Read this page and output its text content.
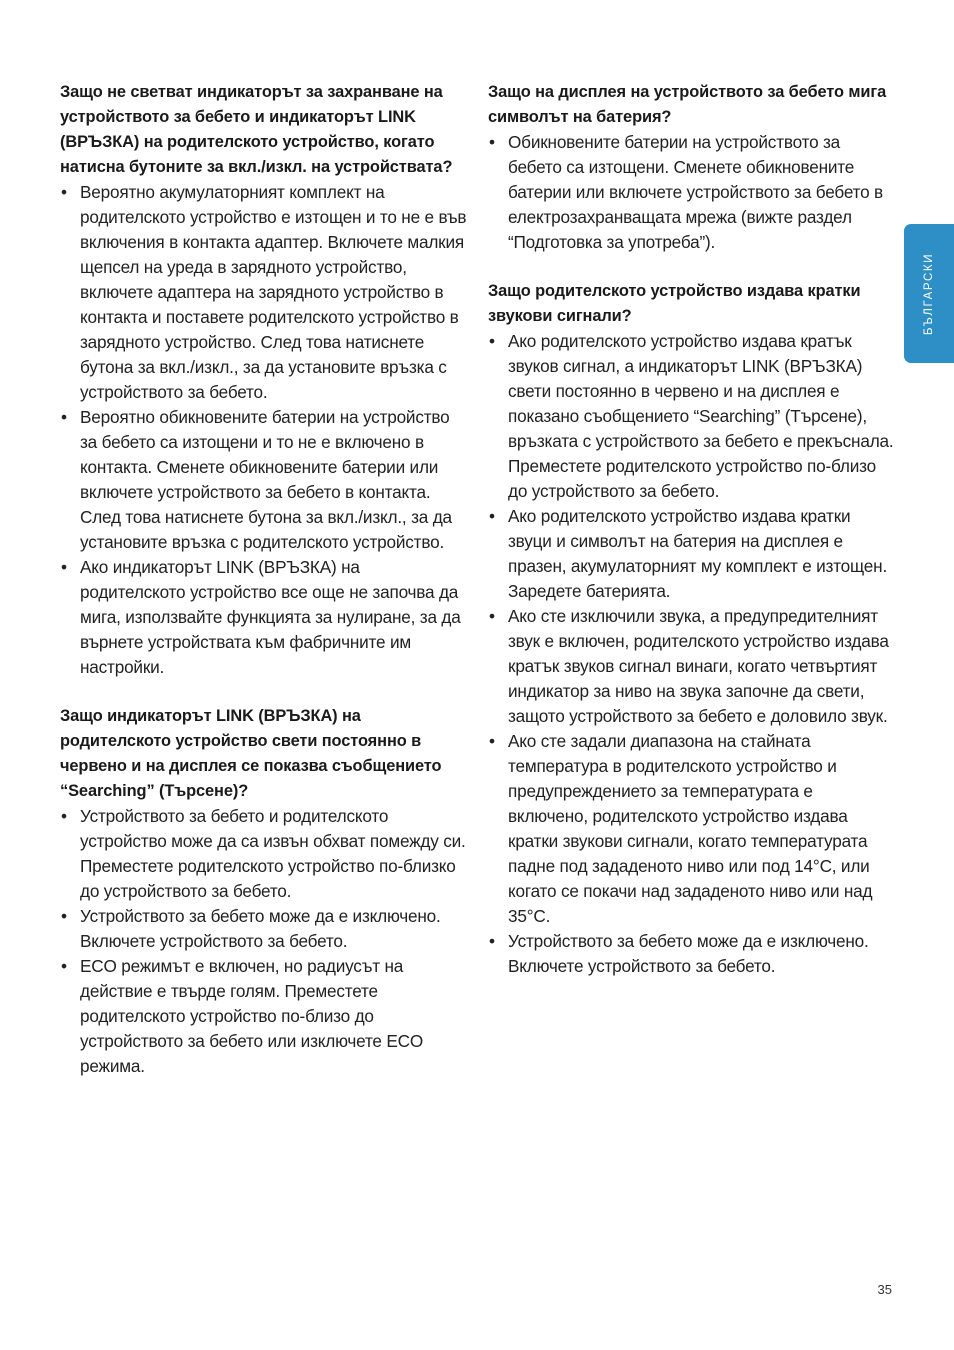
Защо не светват индикаторът за захранване на устройството за бебето и индикаторът LINK (ВРЪЗКА) на родителското устройство, когато натисна бутоните за вкл./изкл. на устройствата?

• Вероятно акумулаторният комплект на родителското устройство е изтощен и то не е във включения в контакта адаптер. Включете малкия щепсел на уреда в зарядното устройство, включете адаптера на зарядното устройство в контакта и поставете родителското устройство в зарядното устройство. След това натиснете бутона за вкл./изкл., за да установите връзка с устройството за бебето.
• Вероятно обикновените батерии на устройство за бебето са изтощени и то не е включено в контакта. Сменете обикновените батерии или включете устройството за бебето в контакта. След това натиснете бутона за вкл./изкл., за да установите връзка с родителското устройство.
• Ако индикаторът LINK (ВРЪЗКА) на родителското устройство все още не започва да мига, използвайте функцията за нулиране, за да върнете устройствата към фабричните им настройки.

Защо индикаторът LINK (ВРЪЗКА) на родителското устройство свети постоянно в червено и на дисплея се показва съобщението “Searching” (Търсене)?

• Устройството за бебето и родителското устройство може да са извън обхват помежду си. Преместете родителското устройство по-близко до устройството за бебето.
• Устройството за бебето може да е изключено. Включете устройството за бебето.
• ECO режимът е включен, но радиусът на действие е твърде голям. Преместете родителското устройство по-близо до устройството за бебето или изключете ECO режима.

Защо на дисплея на устройството за бебето мига символът на батерия?

• Обикновените батерии на устройството за бебето са изтощени. Сменете обикновените батерии или включете устройството за бебето в електрозахранващата мрежа (вижте раздел “Подготовка за употреба”).

Защо родителското устройство издава кратки звукови сигнали?

• Ако родителското устройство издава кратък звуков сигнал, а индикаторът LINK (ВРЪЗКА) свети постоянно в червено и на дисплея е показано съобщението “Searching” (Търсене), връзката с устройството за бебето е прекъснала. Преместете родителското устройство по-близо до устройството за бебето.
• Ако родителското устройство издава кратки звуци и символът на батерия на дисплея е празен, акумулаторният му комплект е изтощен. Заредете батерията.
• Ако сте изключили звука, а предупредителният звук е включен, родителското устройство издава кратък звуков сигнал винаги, когато четвъртият индикатор за ниво на звука започне да свети, защото устройството за бебето е доловило звук.
• Ако сте задали диапазона на стайната температура в родителското устройство и предупреждението за температурата е включено, родителското устройство издава кратки звукови сигнали, когато температурата падне под зададеното ниво или под 14°C, или когато се покачи над зададеното ниво или над 35°C.
• Устройството за бебето може да е изключено. Включете устройството за бебето.
БЪЛГАРСКИ
35
